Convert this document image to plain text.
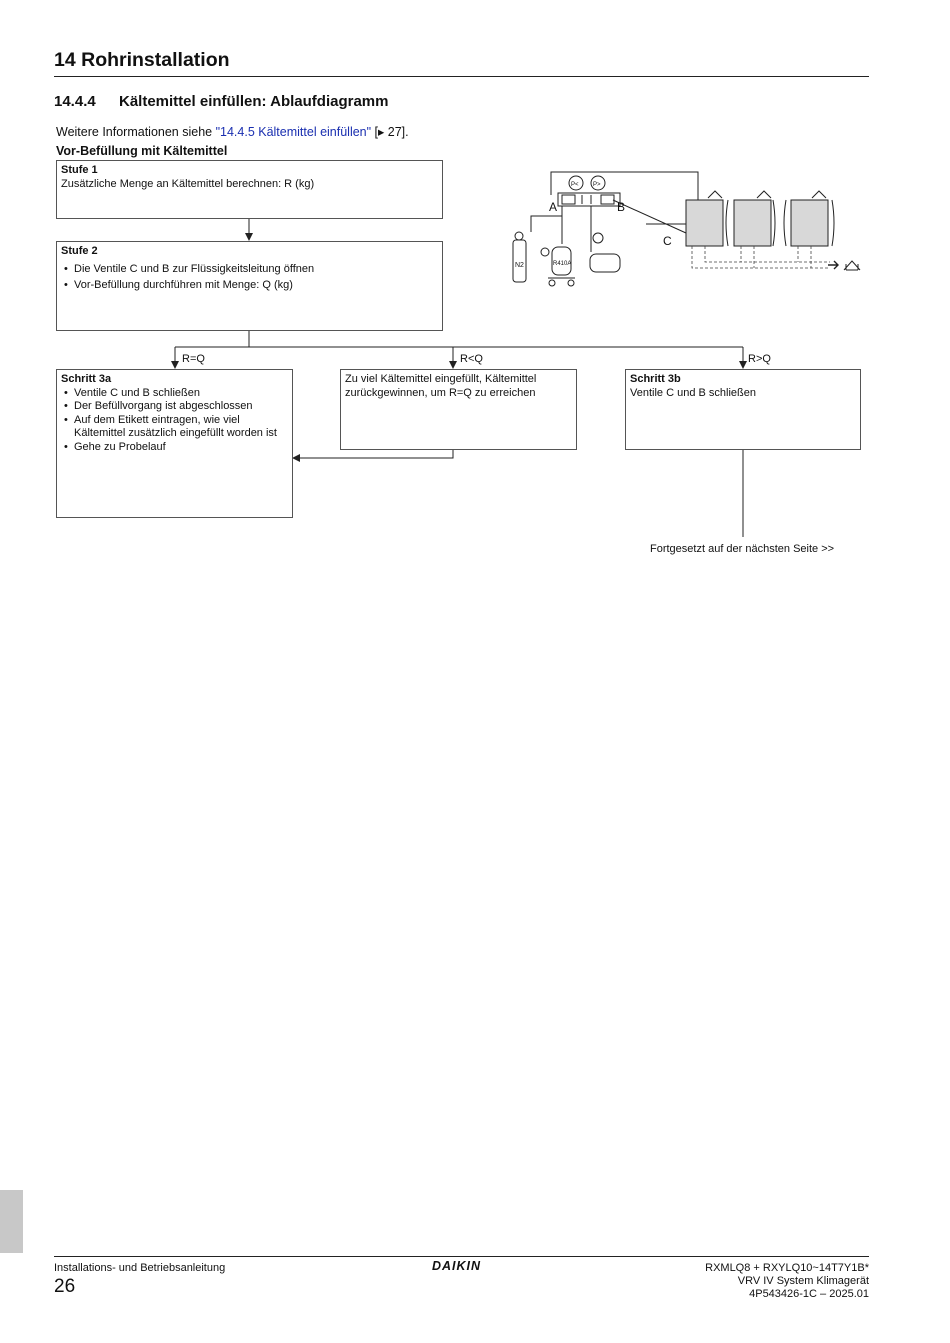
14 Rohrinstallation
14.4.4 Kältemittel einfüllen: Ablaufdiagramm
Weitere Informationen siehe "14.4.5 Kältemittel einfüllen" [▸ 27].
Vor-Befüllung mit Kältemittel
R=Q	R<Q	R>Q
Stufe 1
Zusätzliche Menge an Kältemittel berechnen: R (kg)
Stufe 2
• Die Ventile C und B zur Flüssigkeitsleitung öffnen
• Vor-Befüllung durchführen mit Menge: Q (kg)
Schritt 3a
• Ventile C und B schließen
• Der Befüllvorgang ist abgeschlossen
• Auf dem Etikett eintragen, wie viel Kältemittel zusätzlich eingefüllt worden ist
• Gehe zu Probelauf
Zu viel Kältemittel eingefüllt, Kältemittel zurückgewinnen, um R=Q zu erreichen
Schritt 3b
Ventile C und B schließen
Fortgesetzt auf der nächsten Seite >>
A	B
C
N2	R410A
P< P>
Installations- und Betriebsanleitung
26
DAIKIN	RXMLQ8 + RXYLQ10~14T7Y1B*
VRV IV System Klimagerät
4P543426-1C – 2025.01
